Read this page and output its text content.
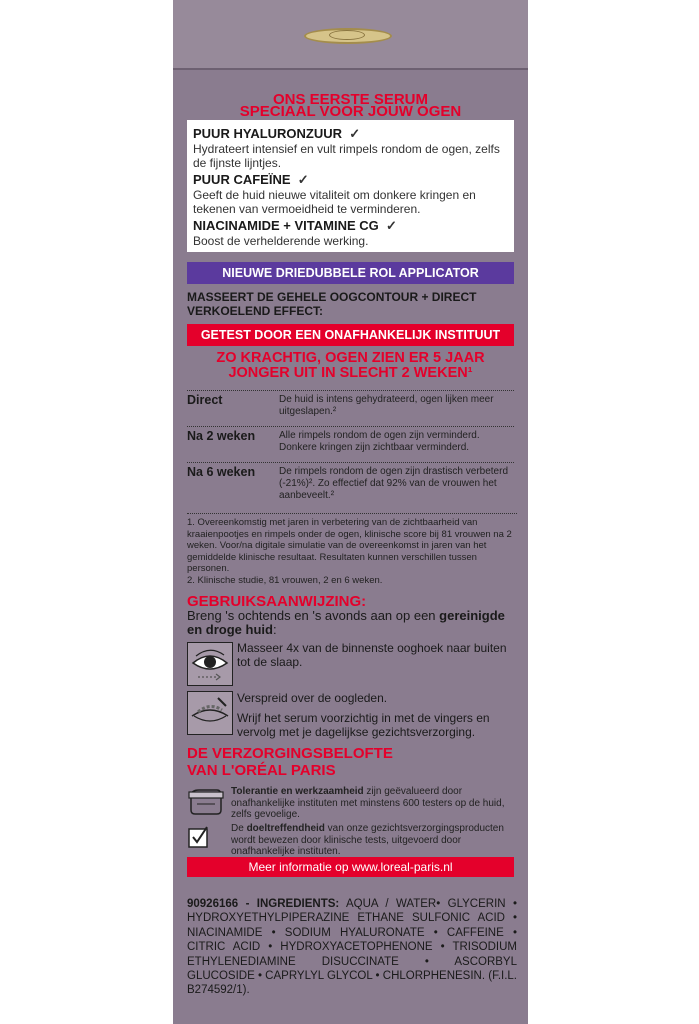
ONS EERSTE SERUM
SPECIAAL VOOR JOUW OGEN
PUUR HYALURONZUUR  ✓
Hydrateert intensief en vult rimpels rondom de ogen, zelfs de fijnste lijntjes.
PUUR CAFEÏNE  ✓
Geeft de huid nieuwe vitaliteit om donkere kringen en tekenen van vermoeidheid te verminderen.
NIACINAMIDE + VITAMINE CG  ✓
Boost de verhelderende werking.
NIEUWE DRIEDUBBELE ROL APPLICATOR
MASSEERT DE GEHELE OOGCONTOUR + DIRECT VERKOELEND EFFECT:
GETEST DOOR EEN ONAFHANKELIJK INSTITUUT
ZO KRACHTIG, OGEN ZIEN ER 5 JAAR
JONGER UIT IN SLECHT 2 WEKEN¹
Direct	De huid is intens gehydrateerd, ogen lijken meer uitgeslapen.²
Na 2 weken Alle rimpels rondom de ogen zijn verminderd. Donkere kringen zijn zichtbaar verminderd.
Na 6 weken De rimpels rondom de ogen zijn drastisch verbeterd (-21%)². Zo effectief dat 92% van de vrouwen het aanbeveelt.²
1. Overeenkomstig met jaren in verbetering van de zichtbaarheid van kraaienpootjes en rimpels onder de ogen, klinische score bij 81 vrouwen na 2 weken. Voor/na digitale simulatie van de overeenkomst in jaren van het gemiddelde klinische resultaat. Resultaten kunnen verschillen tussen personen.
2. Klinische studie, 81 vrouwen, 2 en 6 weken.
GEBRUIKSAANWIJZING:
Breng 's ochtends en 's avonds aan op een gereinigde en droge huid:
Masseer 4x van de binnenste ooghoek naar buiten tot de slaap.
Verspreid over de oogleden.
Wrijf het serum voorzichtig in met de vingers en vervolg met je dagelijkse gezichtsverzorging.
DE VERZORGINGSBELOFTE
VAN L'ORÉAL PARIS
Tolerantie en werkzaamheid zijn geëvalueerd door onafhankelijke instituten met minstens 600 testers op de huid, zelfs gevoelige.
De doeltreffendheid van onze gezichtsverzorgingsproducten wordt bewezen door klinische tests, uitgevoerd door onafhankelijke instituten.
Meer informatie op www.loreal-paris.nl
90926166 - INGREDIENTS: AQUA / WATER• GLYCERIN • HYDROXYETHYLPIPERAZINE ETHANE SULFONIC ACID • NIACINAMIDE • SODIUM HYALURONATE • CAFFEINE • CITRIC ACID • HYDROXYACETOPHENONE • TRISODIUM ETHYLENEDIAMINE DISUCCINATE • ASCORBYL GLUCOSIDE • CAPRYLYL GLYCOL • CHLORPHENESIN. (F.I.L. B274592/1).
